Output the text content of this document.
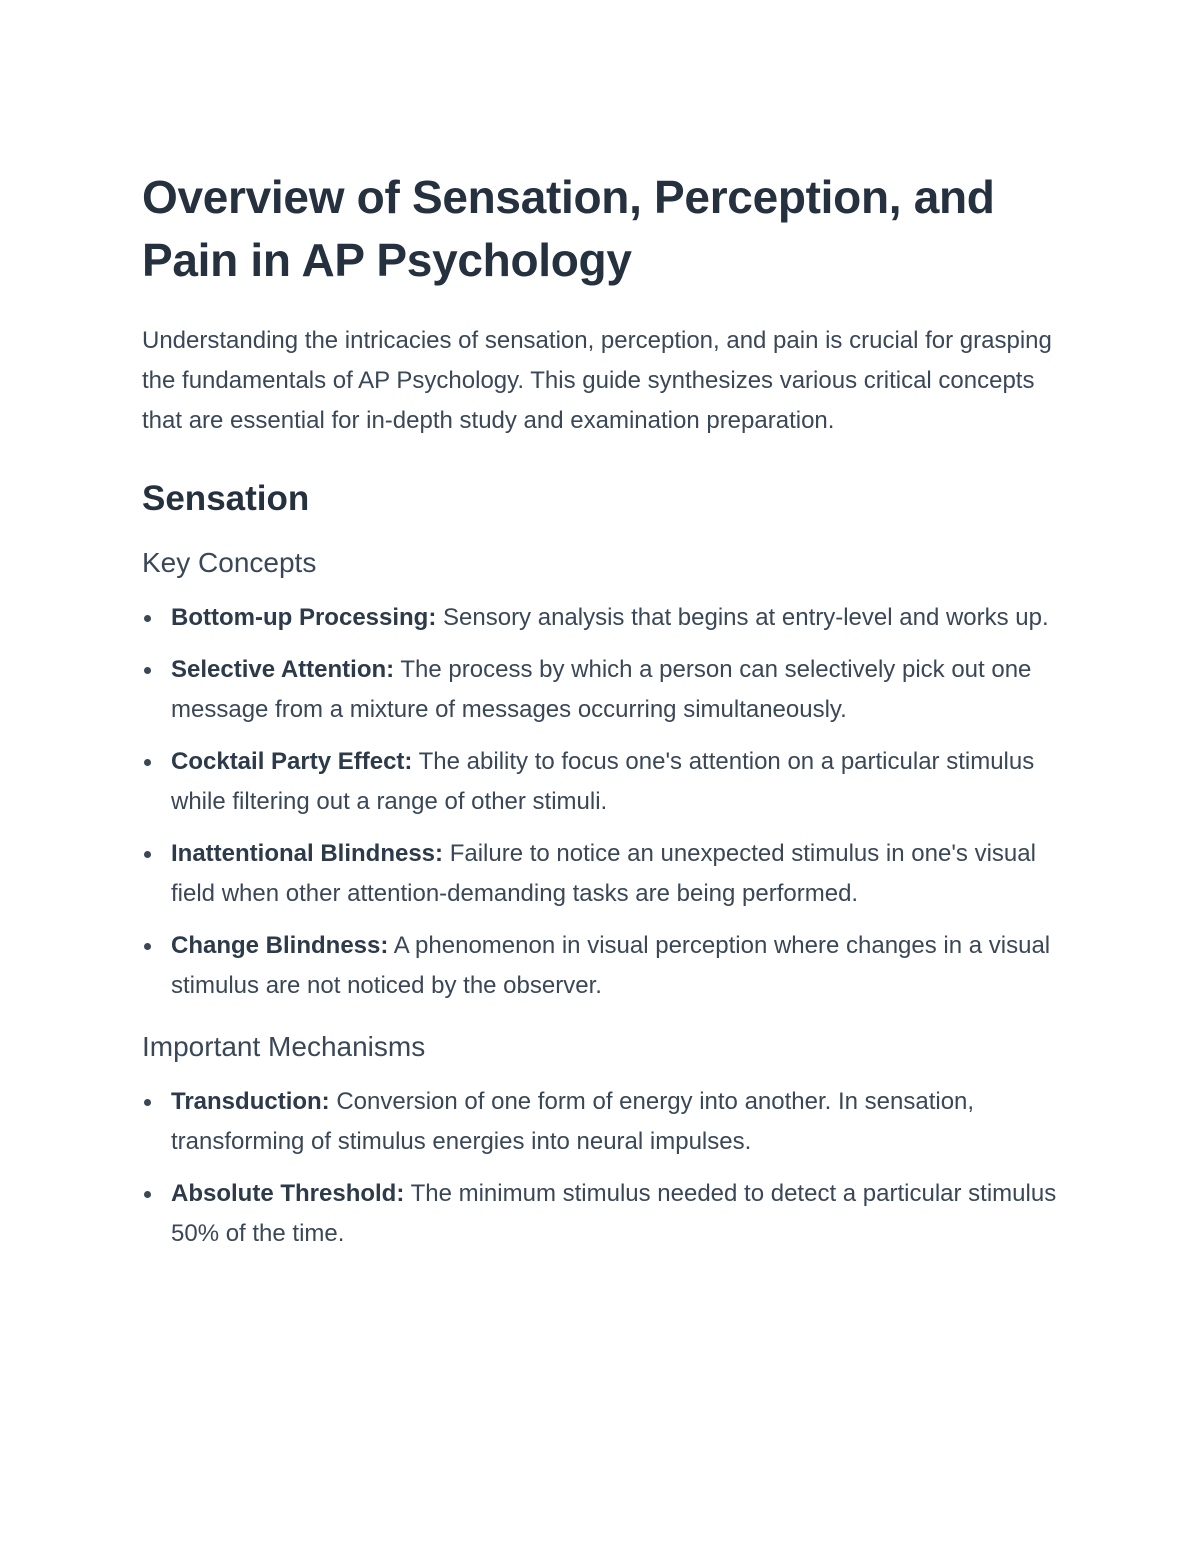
Overview of Sensation, Perception, and Pain in AP Psychology

Understanding the intricacies of sensation, perception, and pain is crucial for grasping the fundamentals of AP Psychology. This guide synthesizes various critical concepts that are essential for in-depth study and examination preparation.

Sensation
Key Concepts
Bottom-up Processing: Sensory analysis that begins at entry-level and works up.
Selective Attention: The process by which a person can selectively pick out one message from a mixture of messages occurring simultaneously.
Cocktail Party Effect: The ability to focus one's attention on a particular stimulus while filtering out a range of other stimuli.
Inattentional Blindness: Failure to notice an unexpected stimulus in one's visual field when other attention-demanding tasks are being performed.
Change Blindness: A phenomenon in visual perception where changes in a visual stimulus are not noticed by the observer.
Important Mechanisms
Transduction: Conversion of one form of energy into another. In sensation, transforming of stimulus energies into neural impulses.
Absolute Threshold: The minimum stimulus needed to detect a particular stimulus 50% of the time.
